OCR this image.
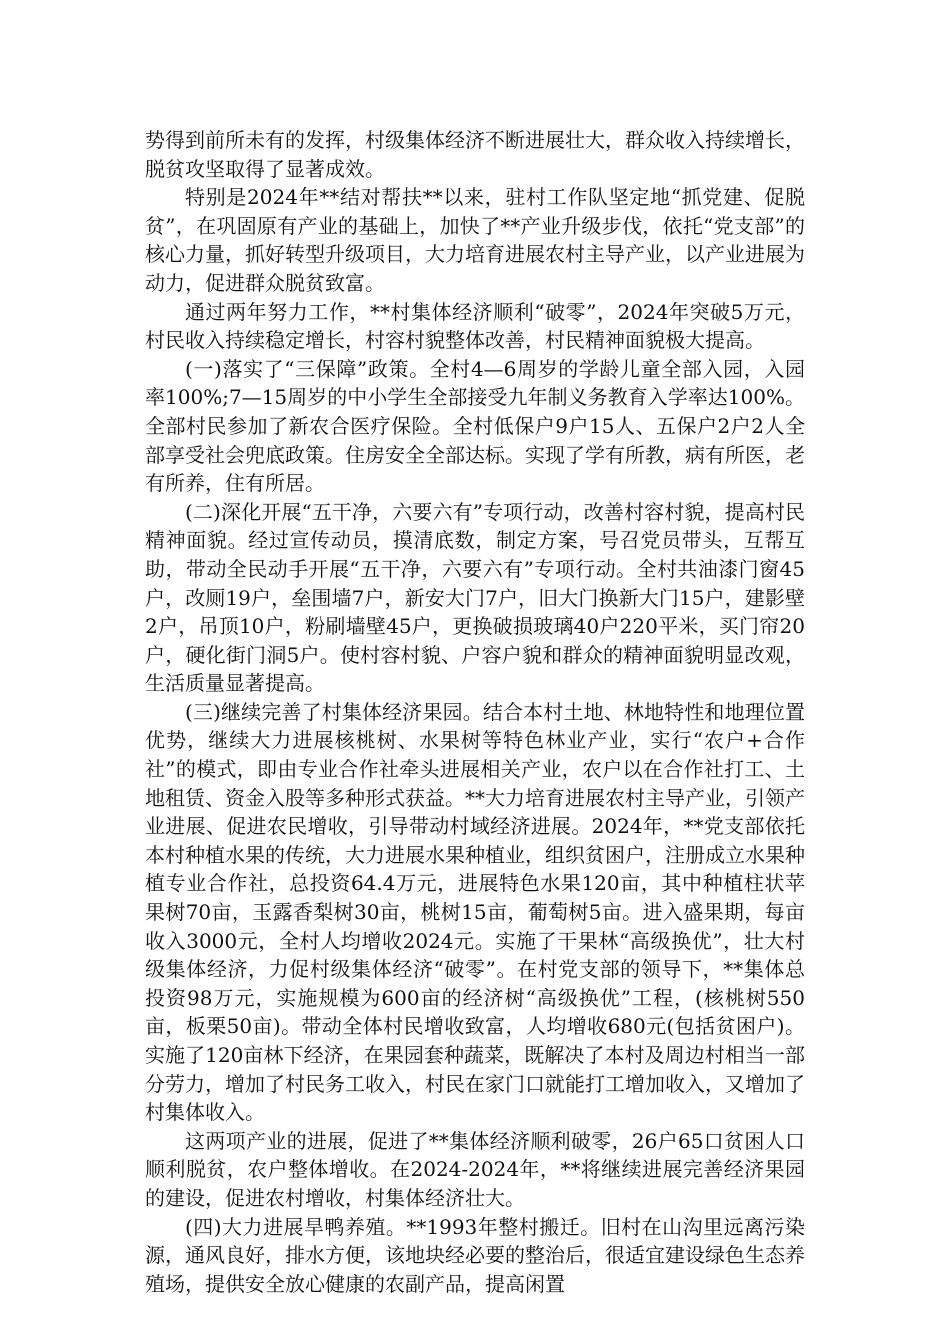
势得到前所未有的发挥，村级集体经济不断进展壮大，群众收入持续增长，脱贫攻坚取得了显著成效。

特别是2024年**结对帮扶**以来，驻村工作队坚定地“抓党建、促脱贫”，在巩固原有产业的基础上，加快了**产业升级步伐，依托“党支部”的核心力量，抓好转型升级项目，大力培育进展农村主导产业，以产业进展为动力，促进群众脱贫致富。

通过两年努力工作，**村集体经济顺利“破零”，2024年突破5万元，村民收入持续稳定增长，村容村貌整体改善，村民精神面貌极大提高。

(一)落实了“三保障”政策。全村4—6周岁的学龄儿童全部入园，入园率100%;7—15周岁的中小学生全部接受九年制义务教育入学率达100%。全部村民参加了新农合医疗保险。全村低保户9户15人、五保户2户2人全部享受社会兜底政策。住房安全全部达标。实现了学有所教，病有所医，老有所养，住有所居。

(二)深化开展“五干净，六要六有”专项行动，改善村容村貌，提高村民精神面貌。经过宣传动员，摸清底数，制定方案，号召党员带头，互帮互助，带动全民动手开展“五干净，六要六有”专项行动。全村共油漆门窗45户，改厕19户，垒围墙7户，新安大门7户，旧大门换新大门15户，建影壁2户，吊顶10户，粉刷墙壁45户，更换破损玻璃40户220平米，买门帘20户，硬化街门洞5户。使村容村貌、户容户貌和群众的精神面貌明显改观，生活质量显著提高。

(三)继续完善了村集体经济果园。结合本村土地、林地特性和地理位置优势，继续大力进展核桃树、水果树等特色林业产业，实行“农户+合作社”的模式，即由专业合作社牵头进展相关产业，农户以在合作社打工、土地租赁、资金入股等多种形式获益。**大力培育进展农村主导产业，引领产业进展、促进农民增收，引导带动村域经济进展。2024年，**党支部依托本村种植水果的传统，大力进展水果种植业，组织贫困户，注册成立水果种植专业合作社，总投资64.4万元，进展特色水果120亩，其中种植柱状苹果树70亩，玉露香梨树30亩，桃树15亩，葡萄树5亩。进入盛果期，每亩收入3000元，全村人均增收2024元。实施了干果林“高级换优”，壮大村级集体经济，力促村级集体经济“破零”。在村党支部的领导下，**集体总投资98万元，实施规模为600亩的经济树“高级换优”工程，(核桃树550亩，板栗50亩)。带动全体村民增收致富，人均增收680元(包括贫困户)。实施了120亩林下经济，在果园套种蔬菜，既解决了本村及周边村相当一部分劳力，增加了村民务工收入，村民在家门口就能打工增加收入，又增加了村集体收入。

这两项产业的进展，促进了**集体经济顺利破零，26户65口贫困人口顺利脱贫，农户整体增收。在2024-2024年，**将继续进展完善经济果园的建设，促进农村增收，村集体经济壮大。

(四)大力进展旱鸭养殖。**1993年整村搬迁。旧村在山沟里远离污染源，通风良好，排水方便，该地块经必要的整治后，很适宜建设绿色生态养殖场，提供安全放心健康的农副产品，提高闲置
